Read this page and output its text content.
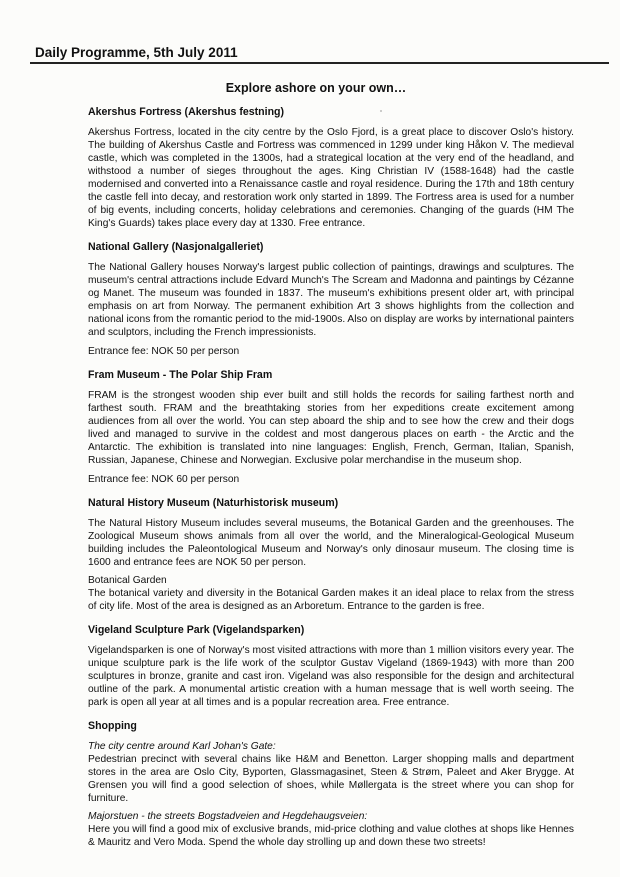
Daily Programme, 5th July 2011
Explore ashore on your own…
Akershus Fortress (Akershus festning)

Akershus Fortress, located in the city centre by the Oslo Fjord, is a great place to discover Oslo's history. The building of Akershus Castle and Fortress was commenced in 1299 under king Håkon V. The medieval castle, which was completed in the 1300s, had a strategical location at the very end of the headland, and withstood a number of sieges throughout the ages. King Christian IV (1588-1648) had the castle modernised and converted into a Renaissance castle and royal residence. During the 17th and 18th century the castle fell into decay, and restoration work only started in 1899. The Fortress area is used for a number of big events, including concerts, holiday celebrations and ceremonies. Changing of the guards (HM The King's Guards) takes place every day at 1330. Free entrance.

National Gallery (Nasjonalgalleriet)

The National Gallery houses Norway's largest public collection of paintings, drawings and sculptures. The museum's central attractions include Edvard Munch's The Scream and Madonna and paintings by Cézanne og Manet. The museum was founded in 1837. The museum's exhibitions present older art, with principal emphasis on art from Norway. The permanent exhibition Art 3 shows highlights from the collection and national icons from the romantic period to the mid-1900s. Also on display are works by international painters and sculptors, including the French impressionists.

Entrance fee: NOK 50 per person

Fram Museum - The Polar Ship Fram

FRAM is the strongest wooden ship ever built and still holds the records for sailing farthest north and farthest south. FRAM and the breathtaking stories from her expeditions create excitement among audiences from all over the world. You can step aboard the ship and to see how the crew and their dogs lived and managed to survive in the coldest and most dangerous places on earth - the Arctic and the Antarctic. The exhibition is translated into nine languages: English, French, German, Italian, Spanish, Russian, Japanese, Chinese and Norwegian. Exclusive polar merchandise in the museum shop.

Entrance fee: NOK 60 per person

Natural History Museum (Naturhistorisk museum)

The Natural History Museum includes several museums, the Botanical Garden and the greenhouses. The Zoological Museum shows animals from all over the world, and the Mineralogical-Geological Museum building includes the Paleontological Museum and Norway's only dinosaur museum. The closing time is 1600 and entrance fees are NOK 50 per person.

Botanical Garden

The botanical variety and diversity in the Botanical Garden makes it an ideal place to relax from the stress of city life. Most of the area is designed as an Arboretum. Entrance to the garden is free.

Vigeland Sculpture Park (Vigelandsparken)

Vigelandsparken is one of Norway's most visited attractions with more than 1 million visitors every year. The unique sculpture park is the life work of the sculptor Gustav Vigeland (1869-1943) with more than 200 sculptures in bronze, granite and cast iron. Vigeland was also responsible for the design and architectural outline of the park. A monumental artistic creation with a human message that is well worth seeing. The park is open all year at all times and is a popular recreation area. Free entrance.

Shopping

The city centre around Karl Johan's Gate:

Pedestrian precinct with several chains like H&M and Benetton. Larger shopping malls and department stores in the area are Oslo City, Byporten, Glassmagasinet, Steen & Strøm, Paleet and Aker Brygge. At Grensen you will find a good selection of shoes, while Møllergata is the street where you can shop for furniture.

Majorstuen - the streets Bogstadveien and Hegdehaugsveien:

Here you will find a good mix of exclusive brands, mid-price clothing and value clothes at shops like Hennes & Mauritz and Vero Moda. Spend the whole day strolling up and down these two streets!
